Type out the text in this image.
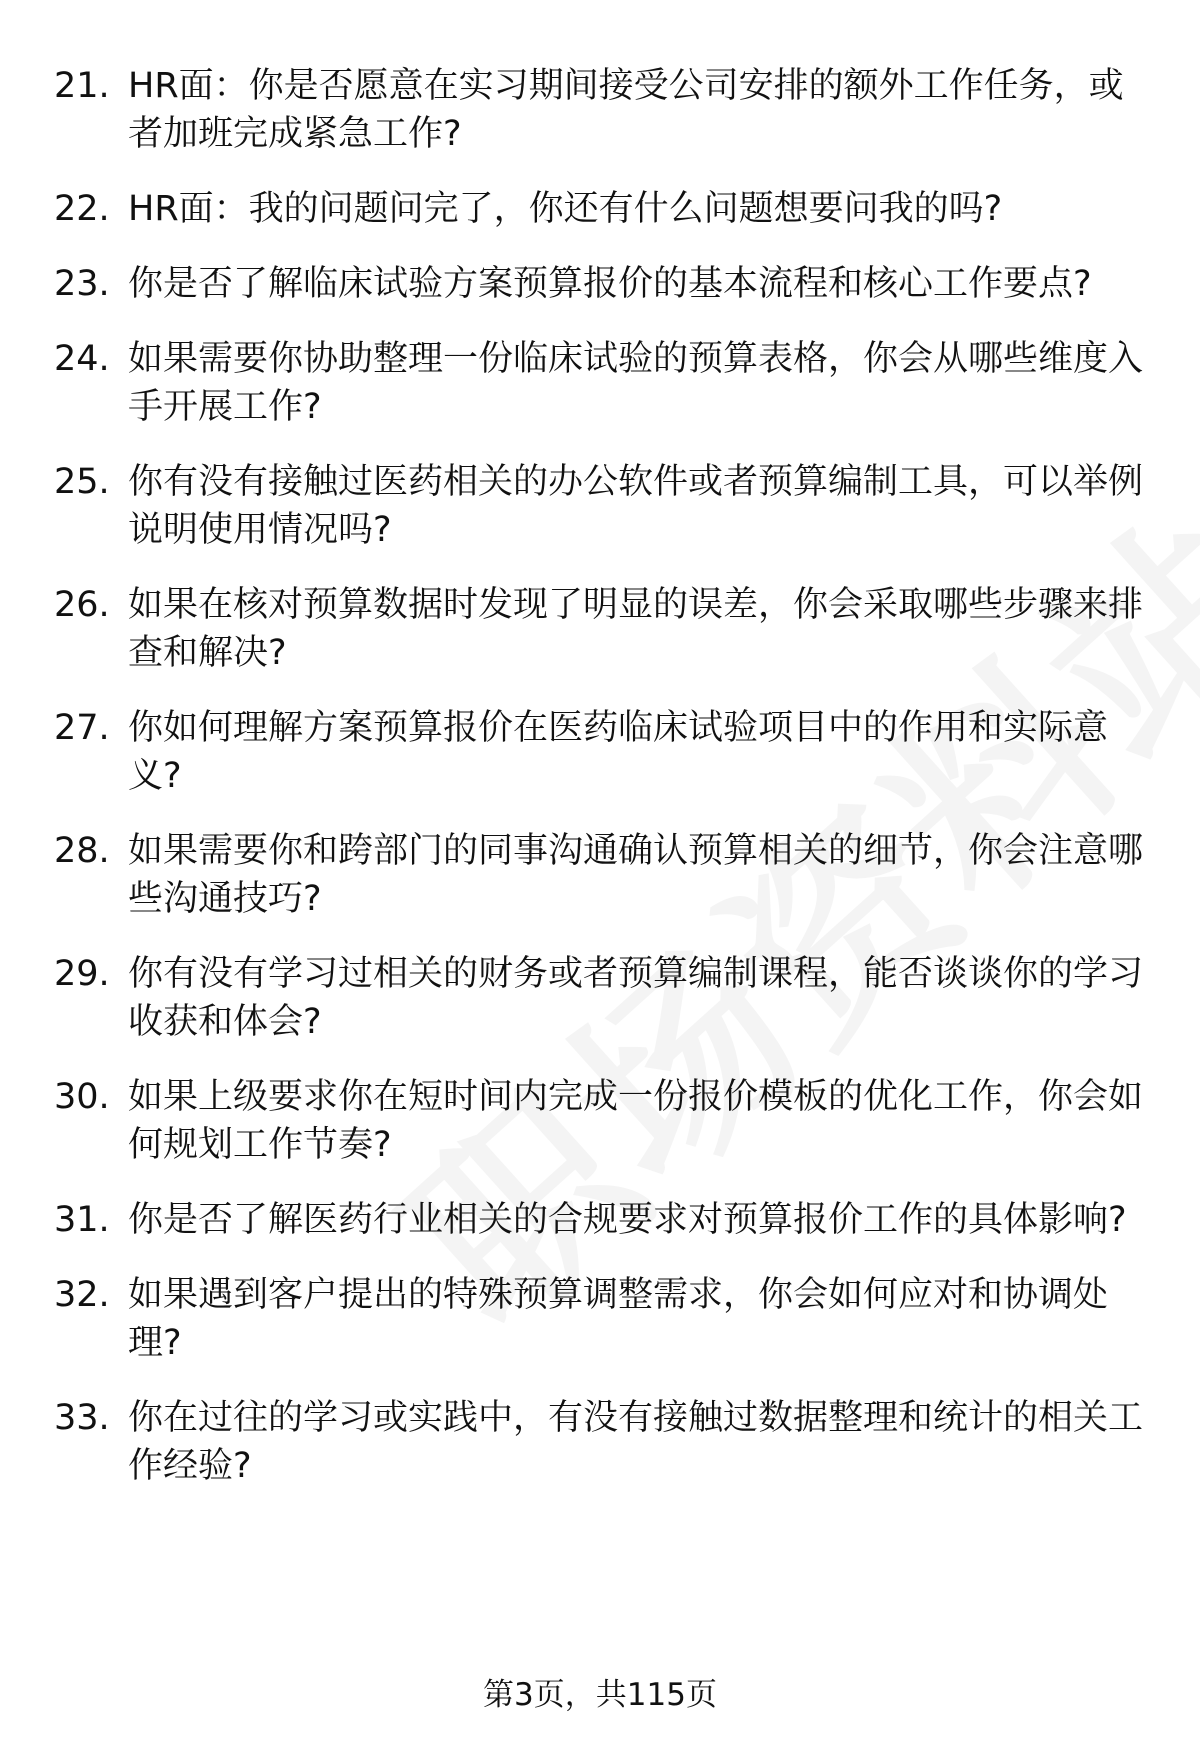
21. HR面：你是否愿意在实习期间接受公司安排的额外工作任务，或者加班完成紧急工作?
22. HR面：我的问题问完了，你还有什么问题想要问我的吗?
23. 你是否了解临床试验方案预算报价的基本流程和核心工作要点?
24. 如果需要你协助整理一份临床试验的预算表格，你会从哪些维度入手开展工作?
25. 你有没有接触过医药相关的办公软件或者预算编制工具，可以举例说明使用情况吗?
26. 如果在核对预算数据时发现了明显的误差，你会采取哪些步骤来排查和解决?
27. 你如何理解方案预算报价在医药临床试验项目中的作用和实际意义?
28. 如果需要你和跨部门的同事沟通确认预算相关的细节，你会注意哪些沟通技巧?
29. 你有没有学习过相关的财务或者预算编制课程，能否谈谈你的学习收获和体会?
30. 如果上级要求你在短时间内完成一份报价模板的优化工作，你会如何规划工作节奏?
31. 你是否了解医药行业相关的合规要求对预算报价工作的具体影响?
32. 如果遇到客户提出的特殊预算调整需求，你会如何应对和协调处理?
33. 你在过往的学习或实践中，有没有接触过数据整理和统计的相关工作经验?
第3页，共115页
